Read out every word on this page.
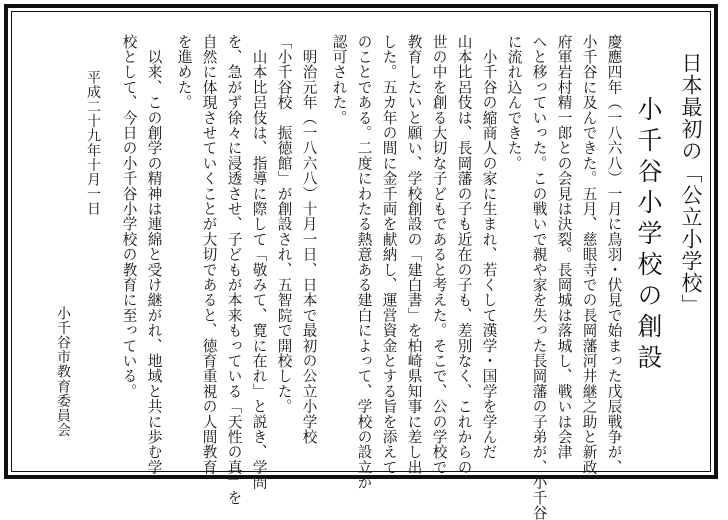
日本最初の「公立小学校」
小千谷小学校の創設
慶應四年（一八六八）一月に鳥羽・伏見で始まった戊辰戦争が、
小千谷に及んできた。五月、慈眼寺での長岡藩河井継之助と新政
府軍岩村精一郎との会見は決裂。長岡城は落城し、戦いは会津
へと移っていった。この戦いで親や家を失った長岡藩の子弟が、小千谷
に流れ込んできた。
　小千谷の縮商人の家に生まれ、若くして漢学・国学を学んだ
山本比呂伎は、長岡藩の子も近在の子も、差別なく、これからの
世の中を創る大切な子どもであると考えた。そこで、公の学校で
教育したいと願い、学校創設の「建白書」を柏崎県知事に差し出
した。五カ年の間に金千両を献納し、運営資金とする旨を添えて
のことである。二度にわたる熱意ある建白によって、学校の設立が
認可された。
　明治元年（一八六八）十月一日、日本で最初の公立小学校
「小千谷校　振徳館」が創設され、五智院で開校した。
　山本比呂伎は、指導に際して「敬みて、寛に在れ」と説き、学問
を、急がず徐々に浸透させ、子どもが本来もっている「天性の真」を
自然に体現させていくことが大切であると、徳育重視の人間教育
を進めた。
　以来、この創学の精神は連綿と受け継がれ、地域と共に歩む学
校として、今日の小千谷小学校の教育に至っている。
平成二十九年十月一日
小千谷市教育委員会
